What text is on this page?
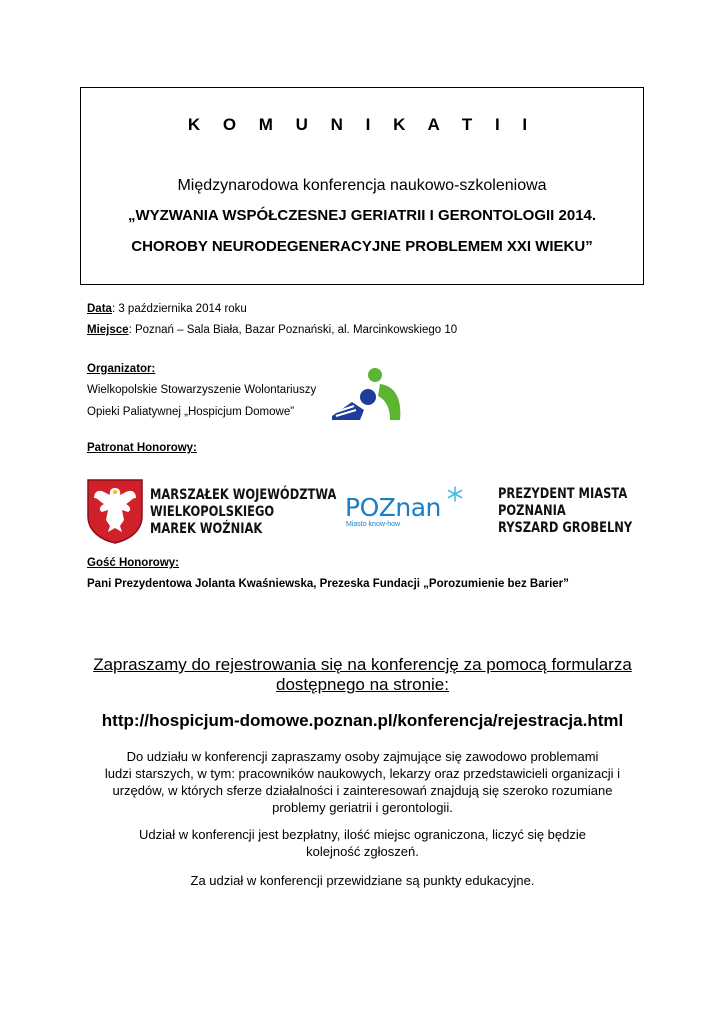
K O M U N I K A T I I
Międzynarodowa konferencja naukowo-szkoleniowa
„WYZWANIA WSPÓŁCZESNEJ GERIATRII I GERONTOLOGII 2014.
CHOROBY NEURODEGENERACYJNE PROBLEMEM XXI WIEKU”
Data: 3 października 2014 roku
Miejsce: Poznań – Sala Biała, Bazar Poznański, al. Marcinkowskiego 10
Organizator:
Wielkopolskie Stowarzyszenie Wolontariuszy
Opieki Paliatywnej „Hospicjum Domowe”
Patronat Honorowy:
MARSZAŁEK WOJEWÓDZTWA
WIELKOPOLSKIEGO
MAREK WOŹNIAK
POZnan
Miasto know-how
PREZYDENT MIASTA
POZNANIA
RYSZARD GROBELNY
Gość Honorowy:
Pani Prezydentowa Jolanta Kwaśniewska, Prezeska Fundacji „Porozumienie bez Barier”
Zapraszamy do rejestrowania się na konferencję za pomocą formularza
dostępnego na stronie:
http://hospicjum-domowe.poznan.pl/konferencja/rejestracja.html
Do udziału w konferencji zapraszamy osoby zajmujące się zawodowo problemami
ludzi starszych, w tym: pracowników naukowych, lekarzy oraz przedstawicieli organizacji i
urzędów, w których sferze działalności i zainteresowań znajdują się szeroko rozumiane
problemy geriatrii i gerontologii.
Udział w konferencji jest bezpłatny, ilość miejsc ograniczona, liczyć się będzie
kolejność zgłoszeń.
Za udział w konferencji przewidziane są punkty edukacyjne.
